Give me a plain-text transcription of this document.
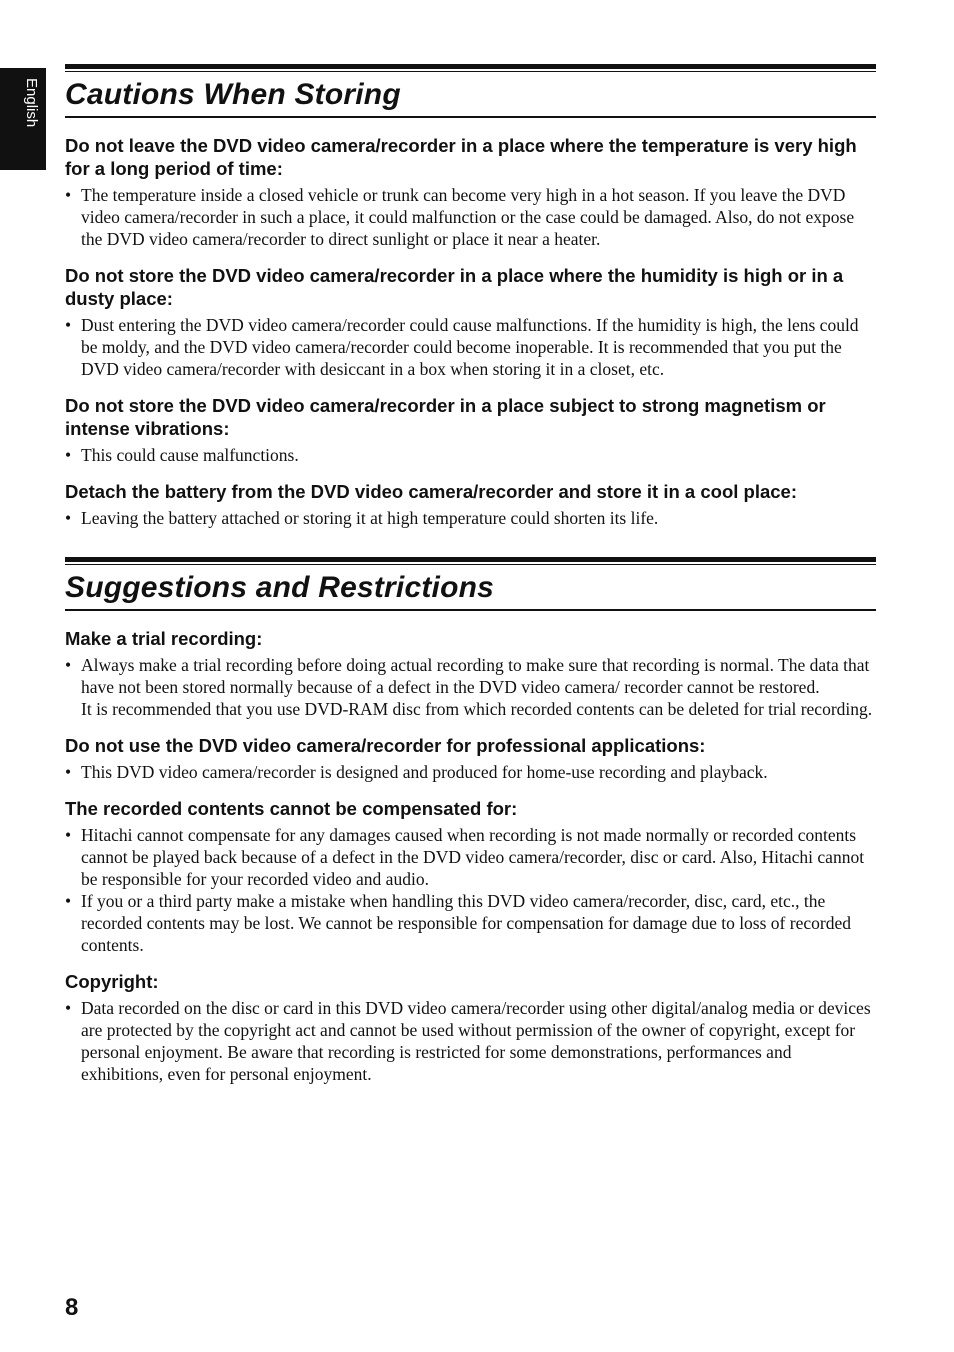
English Cautions When Storing
Do not leave the DVD video camera/recorder in a place where the temperature is very high for a long period of time:

• The temperature inside a closed vehicle or trunk can become very high in a hot season. If you leave the DVD video camera/recorder in such a place, it could malfunction or the case could be damaged. Also, do not expose the DVD video camera/recorder to direct sunlight or place it near a heater.

Do not store the DVD video camera/recorder in a place where the humidity is high or in a dusty place:

• Dust entering the DVD video camera/recorder could cause malfunctions. If the humidity is high, the lens could be moldy, and the DVD video camera/recorder could become inoperable. It is recommended that you put the DVD video camera/recorder with desiccant in a box when storing it in a closet, etc.

Do not store the DVD video camera/recorder in a place subject to strong magnetism or intense vibrations:

• This could cause malfunctions.

Detach the battery from the DVD video camera/recorder and store it in a cool place:

• Leaving the battery attached or storing it at high temperature could shorten its life.

Suggestions and Restrictions
Make a trial recording:

• Always make a trial recording before doing actual recording to make sure that recording is normal. The data that have not been stored normally because of a defect in the DVD video camera/ recorder cannot be restored.

It is recommended that you use DVD-RAM disc from which recorded contents can be deleted for trial recording.

Do not use the DVD video camera/recorder for professional applications:

• This DVD video camera/recorder is designed and produced for home-use recording and playback.

The recorded contents cannot be compensated for:

• Hitachi cannot compensate for any damages caused when recording is not made normally or recorded contents cannot be played back because of a defect in the DVD video camera/recorder, disc or card. Also, Hitachi cannot be responsible for your recorded video and audio.

• If you or a third party make a mistake when handling this DVD video camera/recorder, disc, card, etc., the recorded contents may be lost. We cannot be responsible for compensation for damage due to loss of recorded contents.

Copyright:

• Data recorded on the disc or card in this DVD video camera/recorder using other digital/analog media or devices are protected by the copyright act and cannot be used without permission of the owner of copyright, except for personal enjoyment. Be aware that recording is restricted for some demonstrations, performances and exhibitions, even for personal enjoyment.

8
